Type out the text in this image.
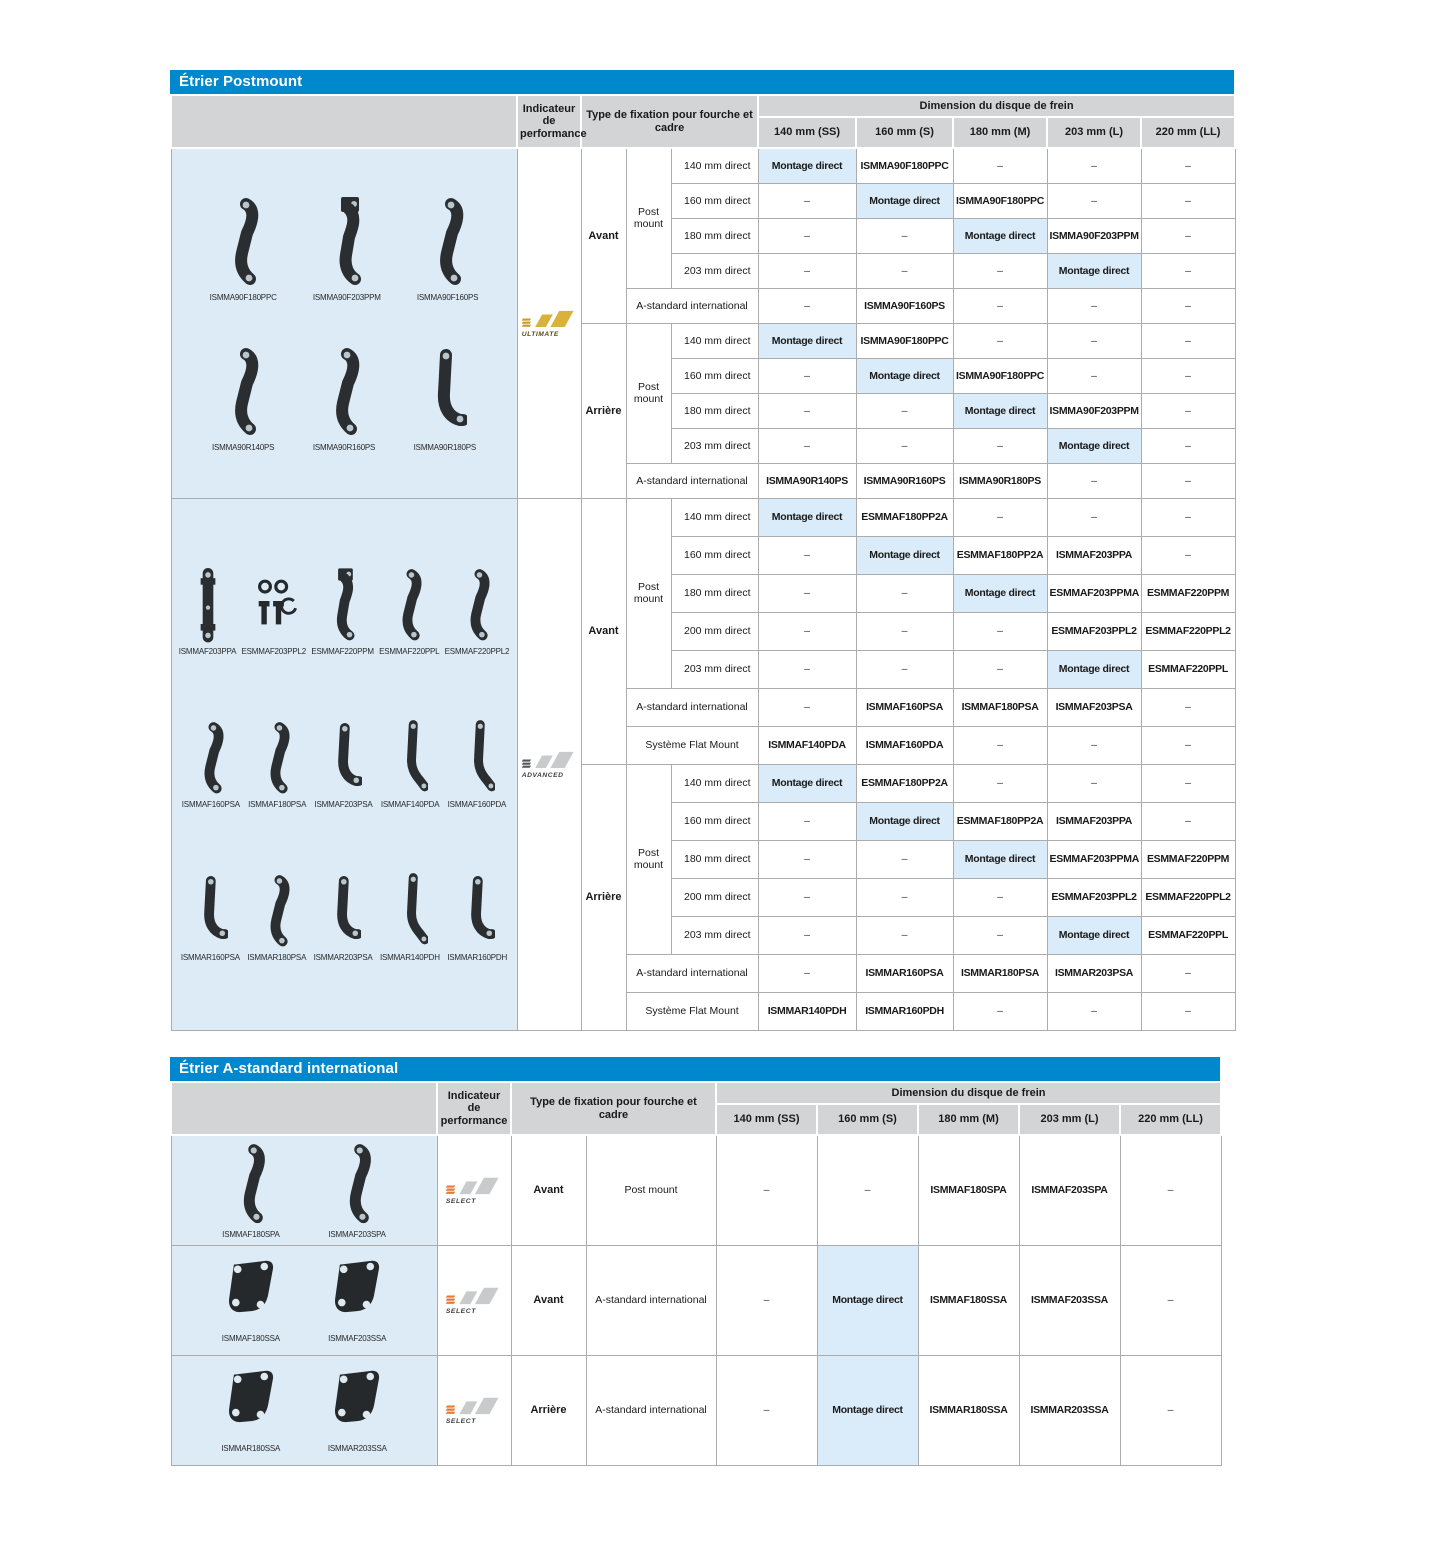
Étrier Postmount
	Indicateur de performance	Type de fixation pour fourche et cadre			Dimension du disque de frein				
					140 mm (SS)	160 mm (S)	180 mm (M)	203 mm (L)	220 mm (LL)

ISMMA90F180PPC	ISMMA90F203PPM	ISMMA90F160PS
ISMMA90R140PS	ISMMA90R160PS	ISMMA90R180PS

ULTIMATE
	Avant	Post mount	140 mm direct	Montage direct	ISMMA90F180PPC	–	–	–
				160 mm direct	–	Montage direct	ISMMA90F180PPC	–	–
				180 mm direct	–	–	Montage direct	ISMMA90F203PPM	–
				203 mm direct	–	–	–	Montage direct	–
			A-standard international		–	ISMMA90F160PS	–	–	–
		Arrière	Post mount	140 mm direct	Montage direct	ISMMA90F180PPC	–	–	–
				160 mm direct	–	Montage direct	ISMMA90F180PPC	–	–
				180 mm direct	–	–	Montage direct	ISMMA90F203PPM	–
				203 mm direct	–	–	–	Montage direct	–
			A-standard international		ISMMA90R140PS	ISMMA90R160PS	ISMMA90R180PS	–	–

ISMMAF203PPA ESMMAF203PPL2 ESMMAF220PPM ESMMAF220PPL ESMMAF220PPL2
ISMMAF160PSA ISMMAF180PSA ISMMAF203PSA ISMMAF140PDA ISMMAF160PDA
ISMMAR160PSA ISMMAR180PSA ISMMAR203PSA ISMMAR140PDH ISMMAR160PDH

ADVANCED
	Avant	Post mount	140 mm direct	Montage direct	ESMMAF180PP2A	–	–	–
				160 mm direct	–	Montage direct	ESMMAF180PP2A	ISMMAF203PPA	–
				180 mm direct	–	–	Montage direct	ESMMAF203PPMA	ESMMAF220PPM
				200 mm direct	–	–	–	ESMMAF203PPL2	ESMMAF220PPL2
				203 mm direct	–	–	–	Montage direct	ESMMAF220PPL
			A-standard international		–	ISMMAF160PSA	ISMMAF180PSA	ISMMAF203PSA	–
			Système Flat Mount		ISMMAF140PDA	ISMMAF160PDA	–	–	–
		Arrière	Post mount	140 mm direct	Montage direct	ESMMAF180PP2A	–	–	–
				160 mm direct	–	Montage direct	ESMMAF180PP2A	ISMMAF203PPA	–
				180 mm direct	–	–	Montage direct	ESMMAF203PPMA	ESMMAF220PPM
				200 mm direct	–	–	–	ESMMAF203PPL2	ESMMAF220PPL2
				203 mm direct	–	–	–	Montage direct	ESMMAF220PPL
			A-standard international		–	ISMMAR160PSA	ISMMAR180PSA	ISMMAR203PSA	–
			Système Flat Mount		ISMMAR140PDH	ISMMAR160PDH	–	–	–
Étrier A-standard international
	Indicateur de performance	Type de fixation pour fourche et cadre		Dimension du disque de frein				
				140 mm (SS)	160 mm (S)	180 mm (M)	203 mm (L)	220 mm (LL)

ISMMAF180SPA ISMMAF203SPA	SELECT	Avant	Post mount	–	–	ISMMAF180SPA	ISMMAF203SPA	–

ISMMAF180SSA ISMMAF203SSA	SELECT	Avant	A-standard international	–	Montage direct	ISMMAF180SSA	ISMMAF203SSA	–

ISMMAR180SSA ISMMAR203SSA	SELECT	Arrière	A-standard international	–	Montage direct	ISMMAR180SSA	ISMMAR203SSA	–
